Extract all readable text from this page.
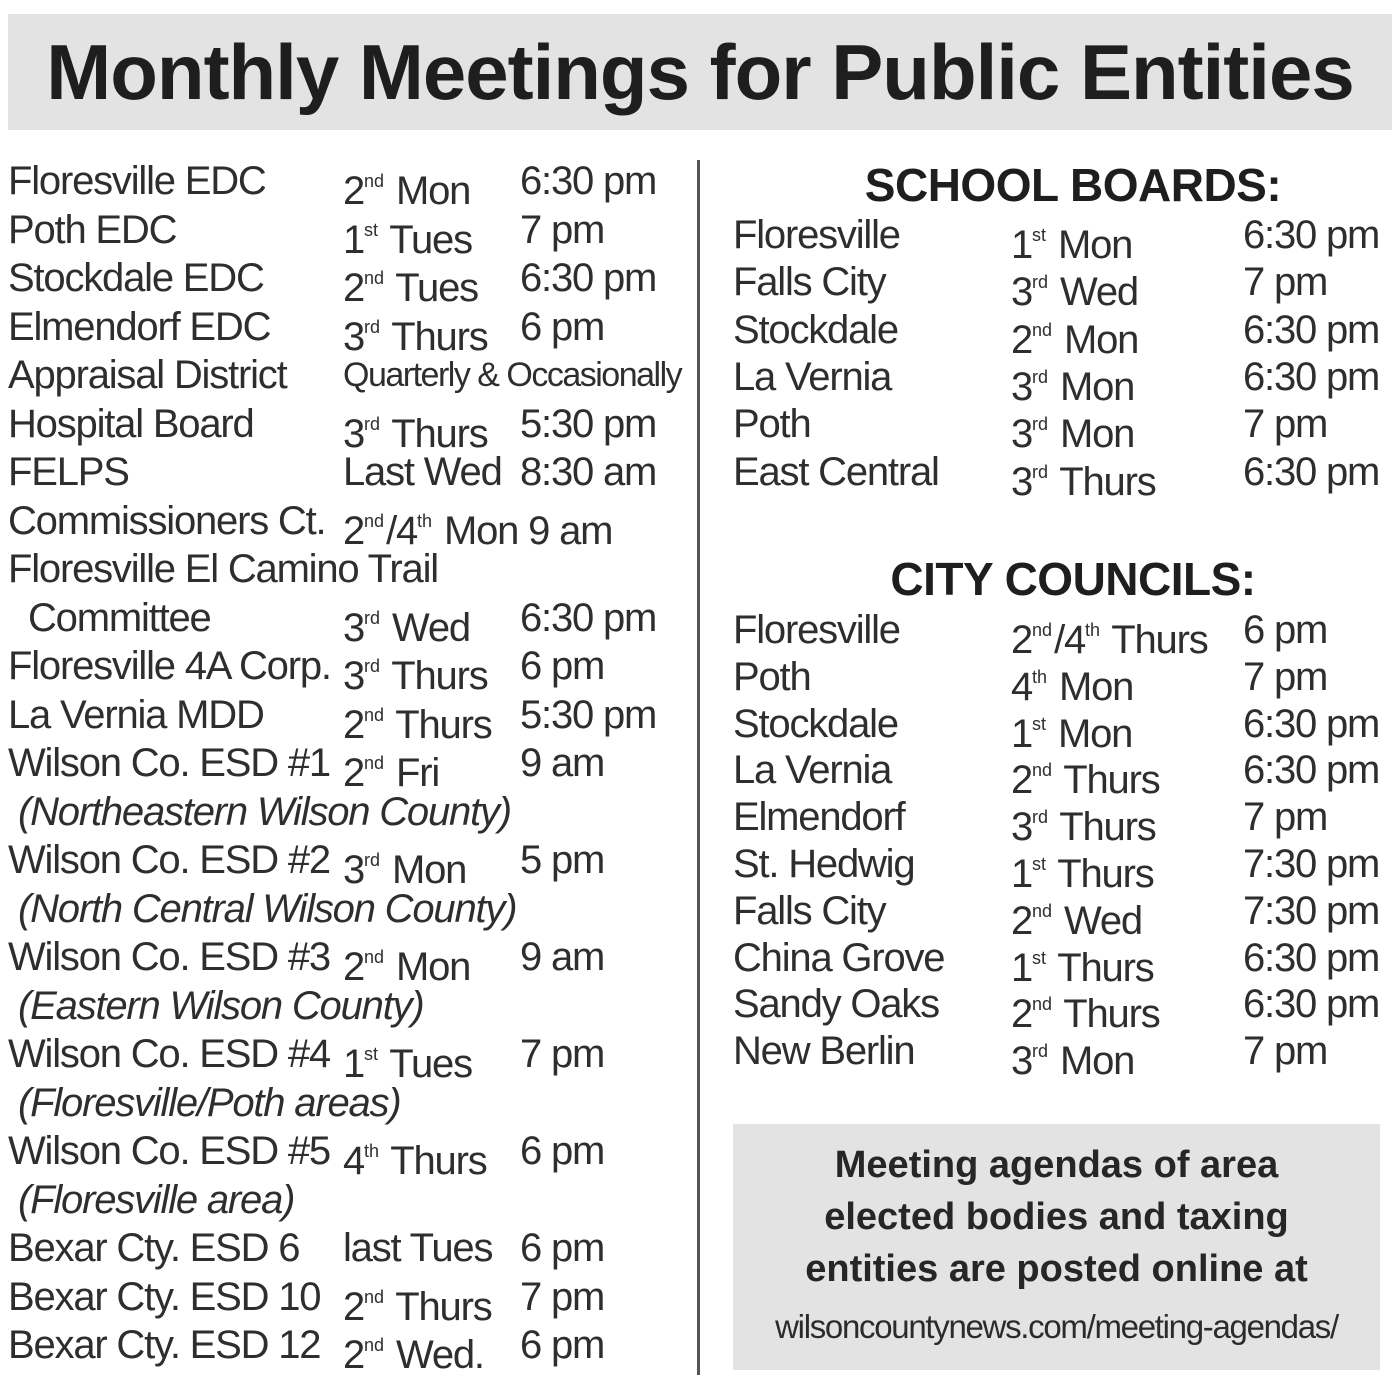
Monthly Meetings for Public Entities
Floresville EDC 2nd Mon 6:30 pm
Poth EDC	1st Tues 7 pm
Stockdale EDC 2nd Tues 6:30 pm
Elmendorf EDC 3rd Thurs 6 pm
Appraisal District Quarterly & Occasionally
Hospital Board 3rd Thurs 5:30 pm
FELPS	Last Wed 8:30 am
Commissioners Ct. 2nd/4th Mon 9 am
Floresville El Camino Trail
Committee	3rd Wed 6:30 pm
Floresville 4A Corp. 3rd Thurs 6 pm
La Vernia MDD 2nd Thurs 5:30 pm
Wilson Co. ESD #1 2nd Fri 9 am
(Northeastern Wilson County)
Wilson Co. ESD #2 3rd Mon 5 pm
(North Central Wilson County)
Wilson Co. ESD #3 2nd Mon 9 am
(Eastern Wilson County)
Wilson Co. ESD #4 1st Tues 7 pm
(Floresville/Poth areas)
Wilson Co. ESD #5 4th Thurs 6 pm
(Floresville area)
Bexar Cty. ESD 6 last Tues 6 pm
Bexar Cty. ESD 10 2nd Thurs 7 pm
Bexar Cty. ESD 12 2nd Wed. 6 pm
SCHOOL BOARDS:
Floresville	1st Mon	6:30 pm
Falls City	3rd Wed	7 pm
Stockdale	2nd Mon	6:30 pm
La Vernia	3rd Mon	6:30 pm
Poth	3rd Mon	7 pm
East Central 3rd Thurs 6:30 pm
CITY COUNCILS:
Floresville	2nd/4th Thurs 6 pm
Poth	4th Mon	7 pm
Stockdale	1st Mon	6:30 pm
La Vernia	2nd Thurs 6:30 pm
Elmendorf	3rd Thurs 7 pm
St. Hedwig 1st Thurs 7:30 pm
Falls City	2nd Wed	7:30 pm
China Grove 1st Thurs 6:30 pm
Sandy Oaks 2nd Thurs 6:30 pm
New Berlin 3rd Mon	7 pm
Meeting agendas of area
elected bodies and taxing
entities are posted online at
wilsoncountynews.com/meeting-agendas/
